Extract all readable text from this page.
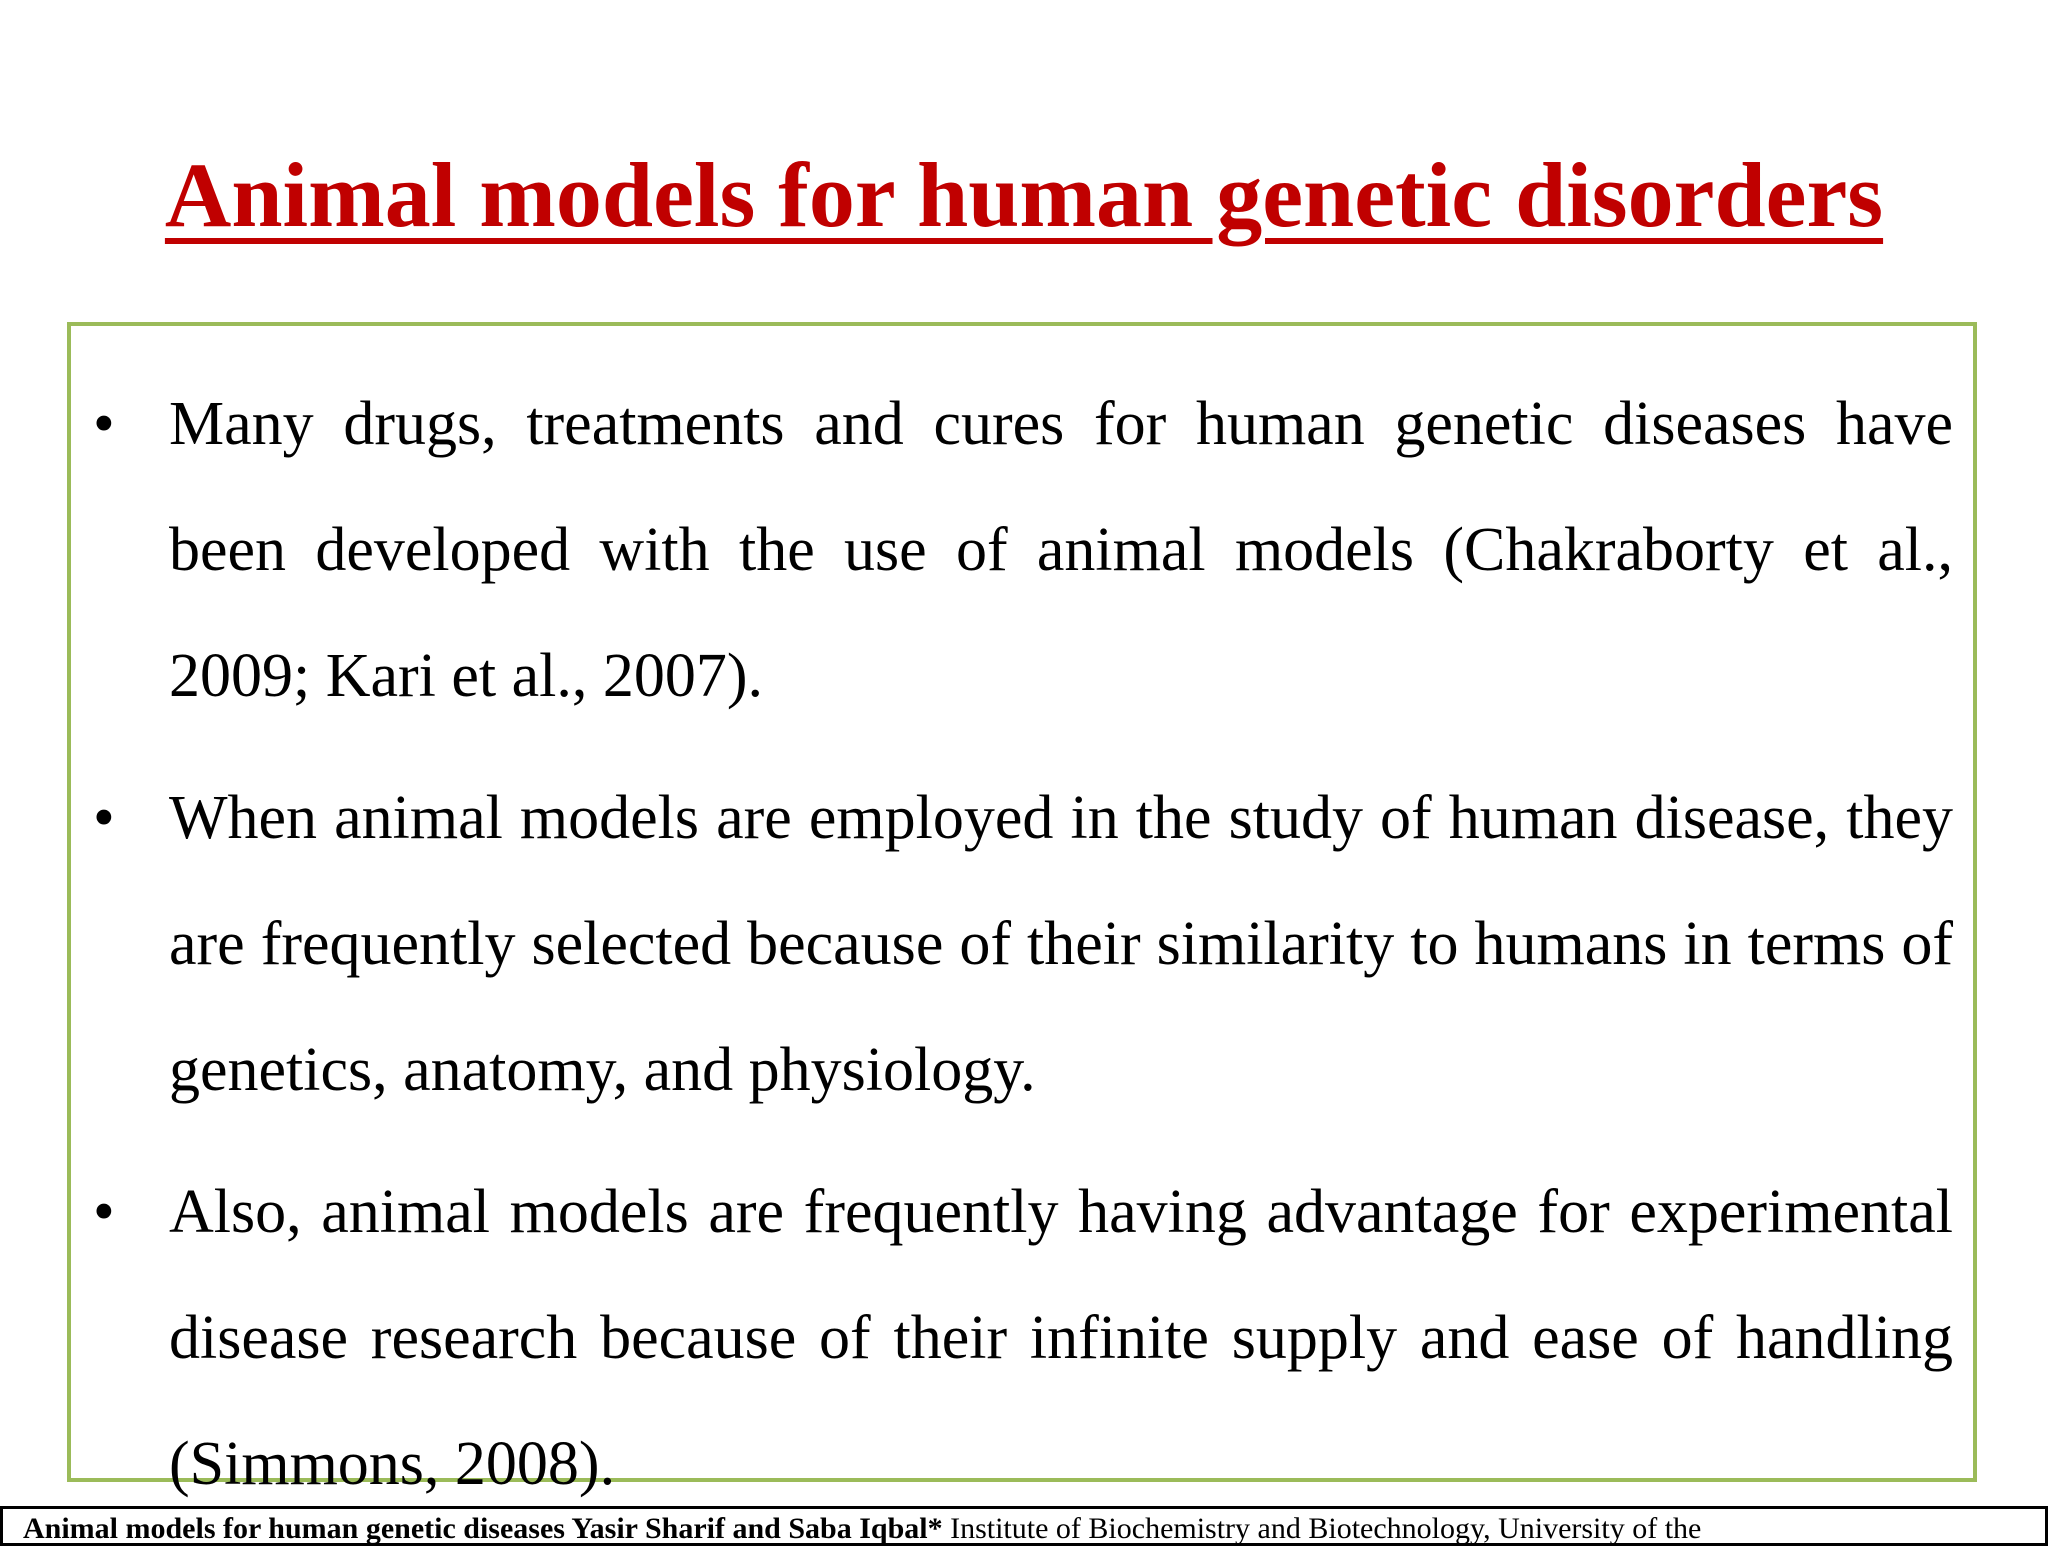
Animal models for human genetic disorders
• Many drugs, treatments and cures for human genetic diseases have been developed with the use of animal models (Chakraborty et al., 2009; Kari et al., 2007).
• When animal models are employed in the study of human disease, they are frequently selected because of their similarity to humans in terms of genetics, anatomy, and physiology.
• Also, animal models are frequently having advantage for experimental disease research because of their infinite supply and ease of handling (Simmons, 2008).
Animal models for human genetic diseases Yasir Sharif and Saba Iqbal* Institute of Biochemistry and Biotechnology, University of the
